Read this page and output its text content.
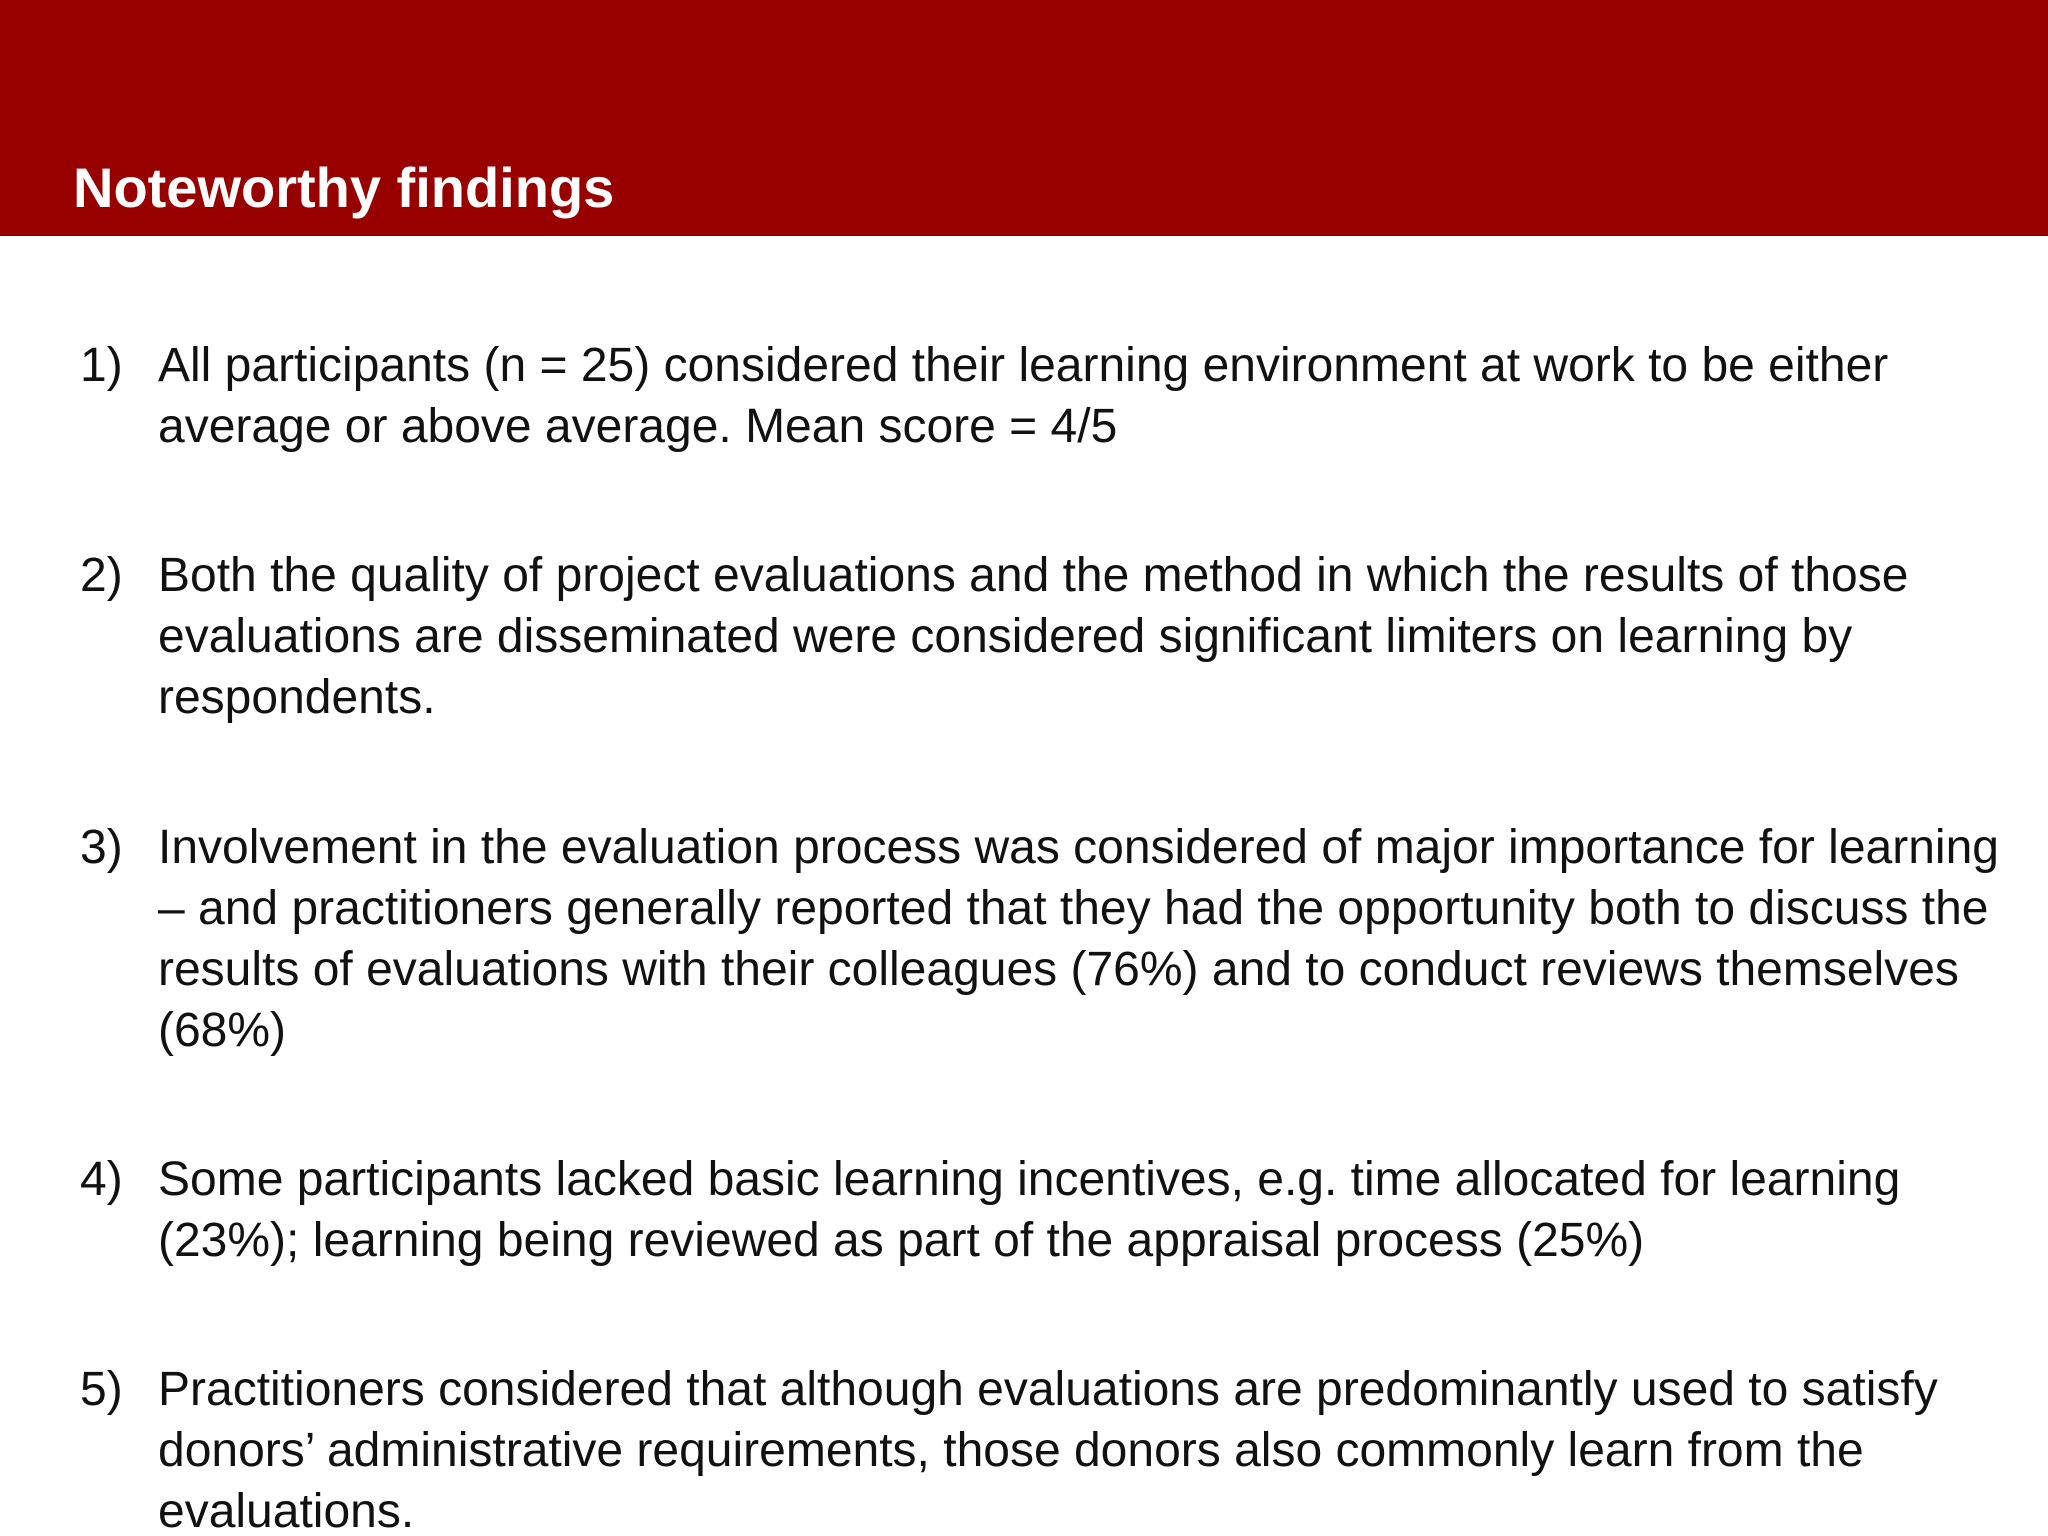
Noteworthy findings
1) All participants (n = 25) considered their learning environment at work to be either average or above average. Mean score = 4/5
2) Both the quality of project evaluations and the method in which the results of those evaluations are disseminated were considered significant limiters on learning by respondents.
3) Involvement in the evaluation process was considered of major importance for learning – and practitioners generally reported that they had the opportunity both to discuss the results of evaluations with their colleagues (76%) and to conduct reviews themselves (68%)
4) Some participants lacked basic learning incentives, e.g. time allocated for learning (23%); learning being reviewed as part of the appraisal process (25%)
5) Practitioners considered that although evaluations are predominantly used to satisfy donors’ administrative requirements, those donors also commonly learn from the evaluations.
